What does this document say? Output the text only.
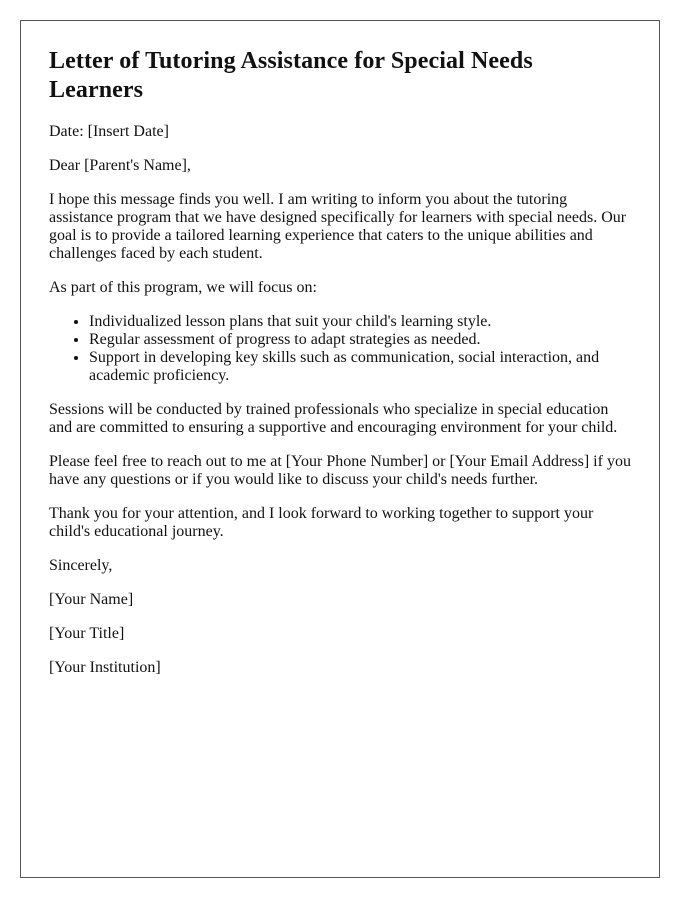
Letter of Tutoring Assistance for Special Needs Learners

Date: [Insert Date]

Dear [Parent's Name],

I hope this message finds you well. I am writing to inform you about the tutoring assistance program that we have designed specifically for learners with special needs. Our goal is to provide a tailored learning experience that caters to the unique abilities and challenges faced by each student.

As part of this program, we will focus on:

• Individualized lesson plans that suit your child's learning style.
• Regular assessment of progress to adapt strategies as needed.
• Support in developing key skills such as communication, social interaction, and academic proficiency.

Sessions will be conducted by trained professionals who specialize in special education and are committed to ensuring a supportive and encouraging environment for your child.

Please feel free to reach out to me at [Your Phone Number] or [Your Email Address] if you have any questions or if you would like to discuss your child's needs further.

Thank you for your attention, and I look forward to working together to support your child's educational journey.

Sincerely,

[Your Name]

[Your Title]

[Your Institution]
